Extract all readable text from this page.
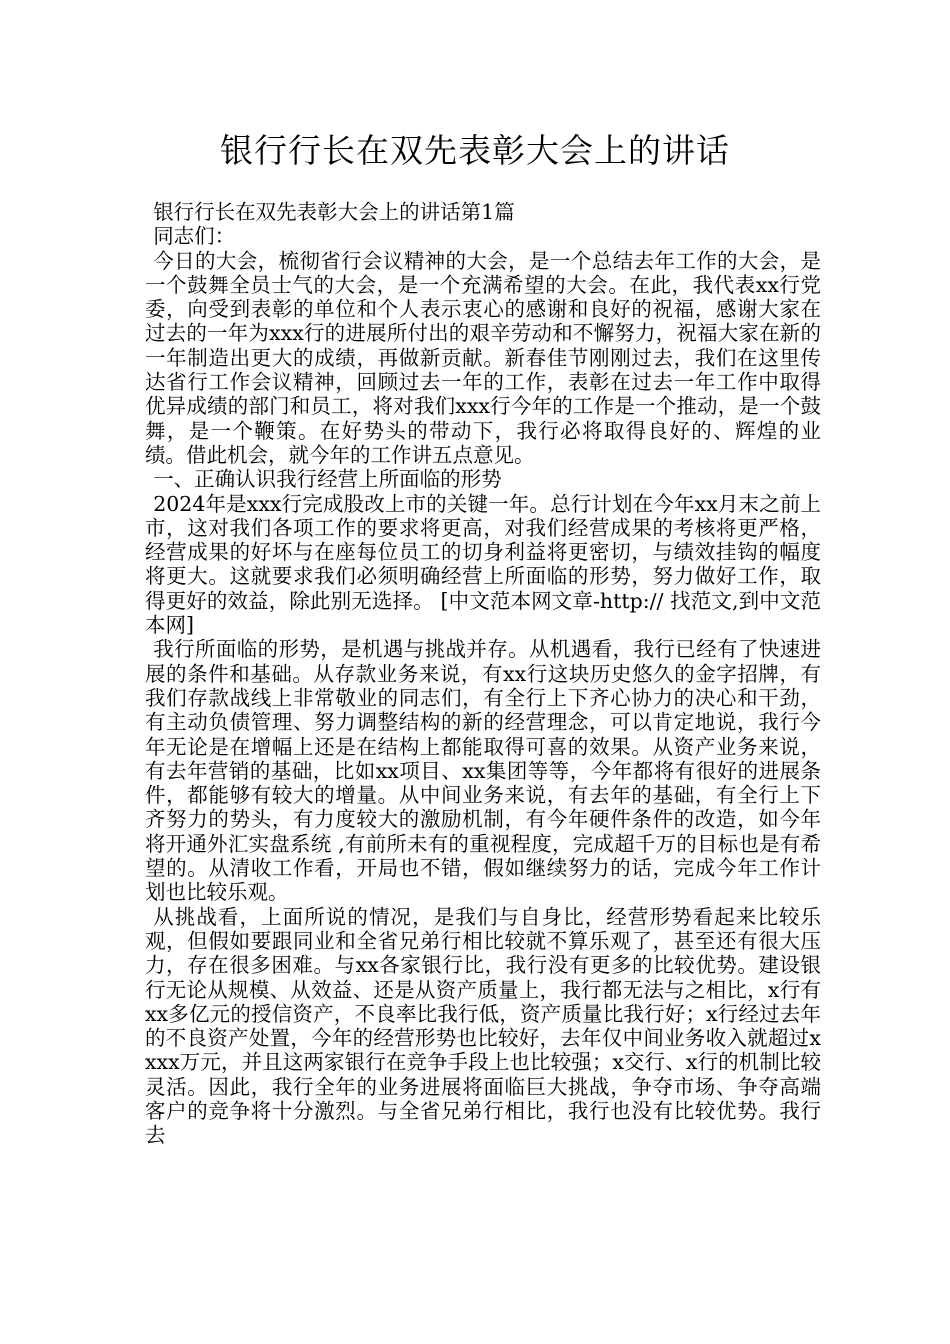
银行行长在双先表彰大会上的讲话

银行行长在双先表彰大会上的讲话第1篇

同志们：

今日的大会，梳彻省行会议精神的大会，是一个总结去年工作的大会，是一个鼓舞全员士气的大会，是一个充满希望的大会。在此，我代表xx行党委，向受到表彰的单位和个人表示衷心的感谢和良好的祝福，感谢大家在过去的一年为xxx行的进展所付出的艰辛劳动和不懈努力，祝福大家在新的一年制造出更大的成绩，再做新贡献。新春佳节刚刚过去，我们在这里传达省行工作会议精神，回顾过去一年的工作，表彰在过去一年工作中取得优异成绩的部门和员工，将对我们xxx行今年的工作是一个推动，是一个鼓舞，是一个鞭策。在好势头的带动下，我行必将取得良好的、辉煌的业绩。借此机会，就今年的工作讲五点意见。

一、正确认识我行经营上所面临的形势

2024年是xxx行完成股改上市的关键一年。总行计划在今年xx月末之前上市，这对我们各项工作的要求将更高，对我们经营成果的考核将更严格，经营成果的好坏与在座每位员工的切身利益将更密切，与绩效挂钩的幅度将更大。这就要求我们必须明确经营上所面临的形势，努力做好工作，取得更好的效益，除此别无选择。 [中文范本网文章-http:// 找范文,到中文范本网]

我行所面临的形势，是机遇与挑战并存。从机遇看，我行已经有了快速进展的条件和基础。从存款业务来说，有xx行这块历史悠久的金字招牌，有我们存款战线上非常敬业的同志们，有全行上下齐心协力的决心和干劲，有主动负债管理、努力调整结构的新的经营理念，可以肯定地说，我行今年无论是在增幅上还是在结构上都能取得可喜的效果。从资产业务来说，有去年营销的基础，比如xx项目、xx集团等等，今年都将有很好的进展条件，都能够有较大的增量。从中间业务来说，有去年的基础，有全行上下齐努力的势头，有力度较大的激励机制，有今年硬件条件的改造，如今年将开通外汇实盘系统 ,有前所未有的重视程度，完成超千万的目标也是有希望的。从清收工作看，开局也不错，假如继续努力的话，完成今年工作计划也比较乐观。

从挑战看，上面所说的情况，是我们与自身比，经营形势看起来比较乐观，但假如要跟同业和全省兄弟行相比较就不算乐观了，甚至还有很大压力，存在很多困难。与xx各家银行比，我行没有更多的比较优势。建设银行无论从规模、从效益、还是从资产质量上，我行都无法与之相比，x行有xx多亿元的授信资产，不良率比我行低，资产质量比我行好；x行经过去年的不良资产处置，今年的经营形势也比较好，去年仅中间业务收入就超过xxxx万元，并且这两家银行在竞争手段上也比较强；x交行、x行的机制比较灵活。因此，我行全年的业务进展将面临巨大挑战，争夺市场、争夺高端客户的竞争将十分激烈。与全省兄弟行相比，我行也没有比较优势。我行去
